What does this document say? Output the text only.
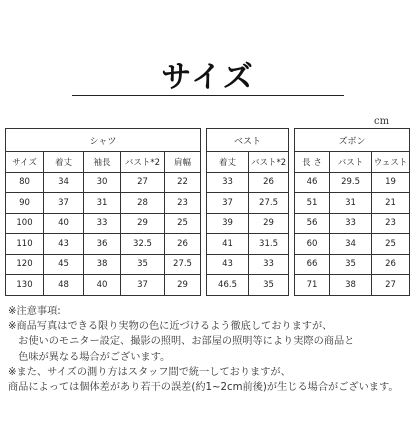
サイズ
cm
シャツ						ベスト			ズボン		
サイズ	着丈	袖長	バスト*2	肩幅		着丈	バスト*2		長 さ	バスト	ウェスト
80	34	30	27	22		33	26		46	29.5	19
90	37	31	28	23		37	27.5		51	31	21
100	40	33	29	25		39	29		56	33	23
110	43	36	32.5	26		41	31.5		60	34	25
120	45	38	35	27.5		43	33		66	35	26
130	48	40	37	29		46.5	35		71	38	27
※注意事項:
※商品写真はできる限り実物の色に近づけるよう徹底しておりますが、
　お使いのモニター設定、撮影の照明、お部屋の照明等により実際の商品と
　色味が異なる場合がございます。
※また、サイズの測り方はスタッフ間で統一しておりますが、
商品によっては個体差があり若干の誤差(約1~2cm前後)が生じる場合がございます。
